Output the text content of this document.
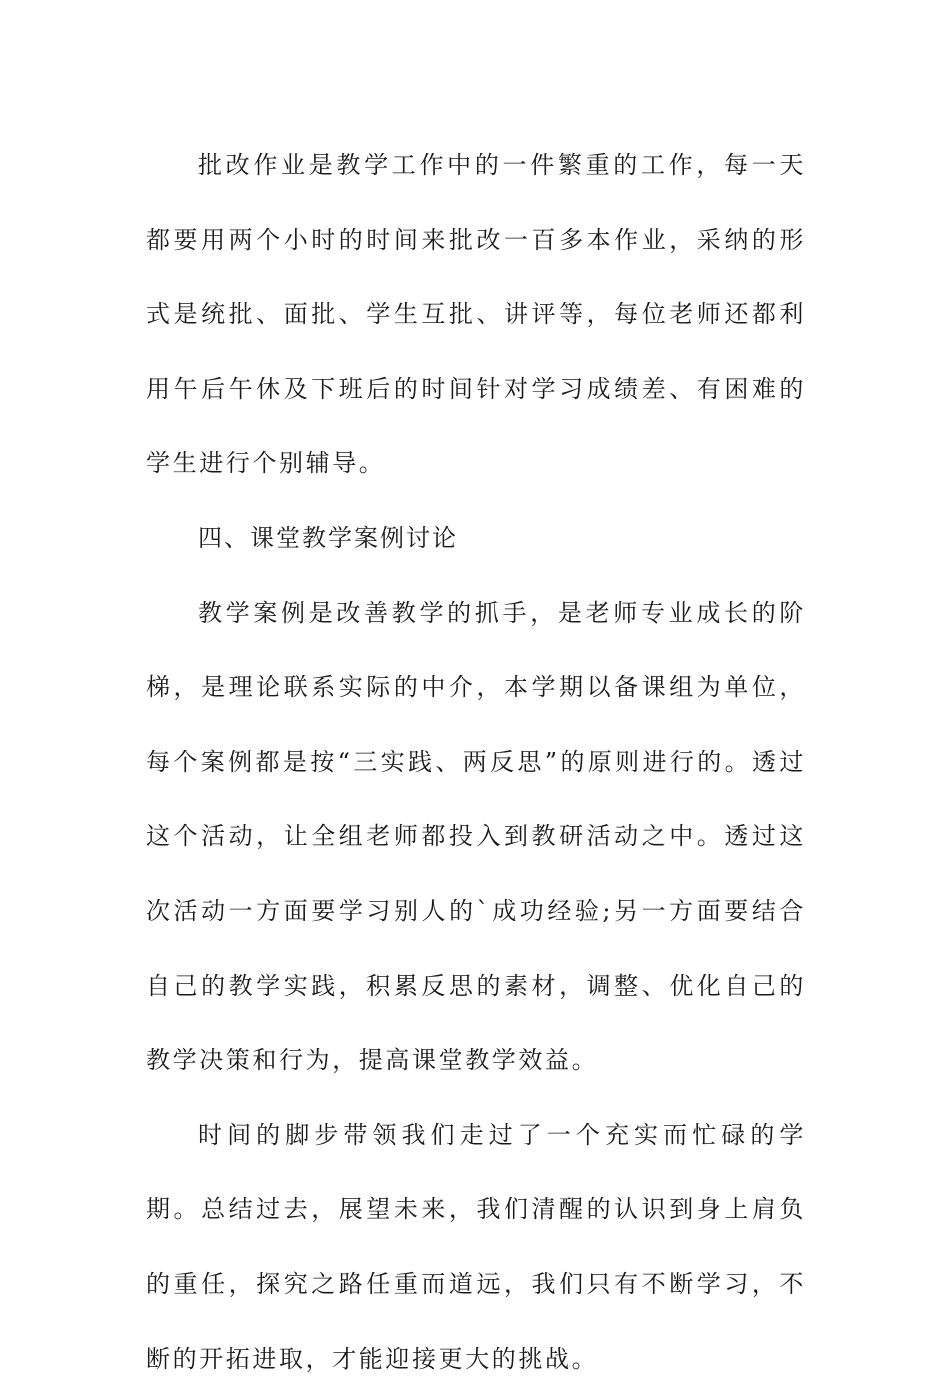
批改作业是教学工作中的一件繁重的工作，每一天都要用两个小时的时间来批改一百多本作业，采纳的形式是统批、面批、学生互批、讲评等，每位老师还都利用午后午休及下班后的时间针对学习成绩差、有困难的学生进行个别辅导。

四、课堂教学案例讨论

教学案例是改善教学的抓手，是老师专业成长的阶梯，是理论联系实际的中介，本学期以备课组为单位，每个案例都是按“三实践、两反思”的原则进行的。透过这个活动，让全组老师都投入到教研活动之中。透过这次活动一方面要学习别人的`成功经验;另一方面要结合自己的教学实践，积累反思的素材，调整、优化自己的教学决策和行为，提高课堂教学效益。

时间的脚步带领我们走过了一个充实而忙碌的学期。总结过去，展望未来，我们清醒的认识到身上肩负的重任，探究之路任重而道远，我们只有不断学习，不断的开拓进取，才能迎接更大的挑战。
